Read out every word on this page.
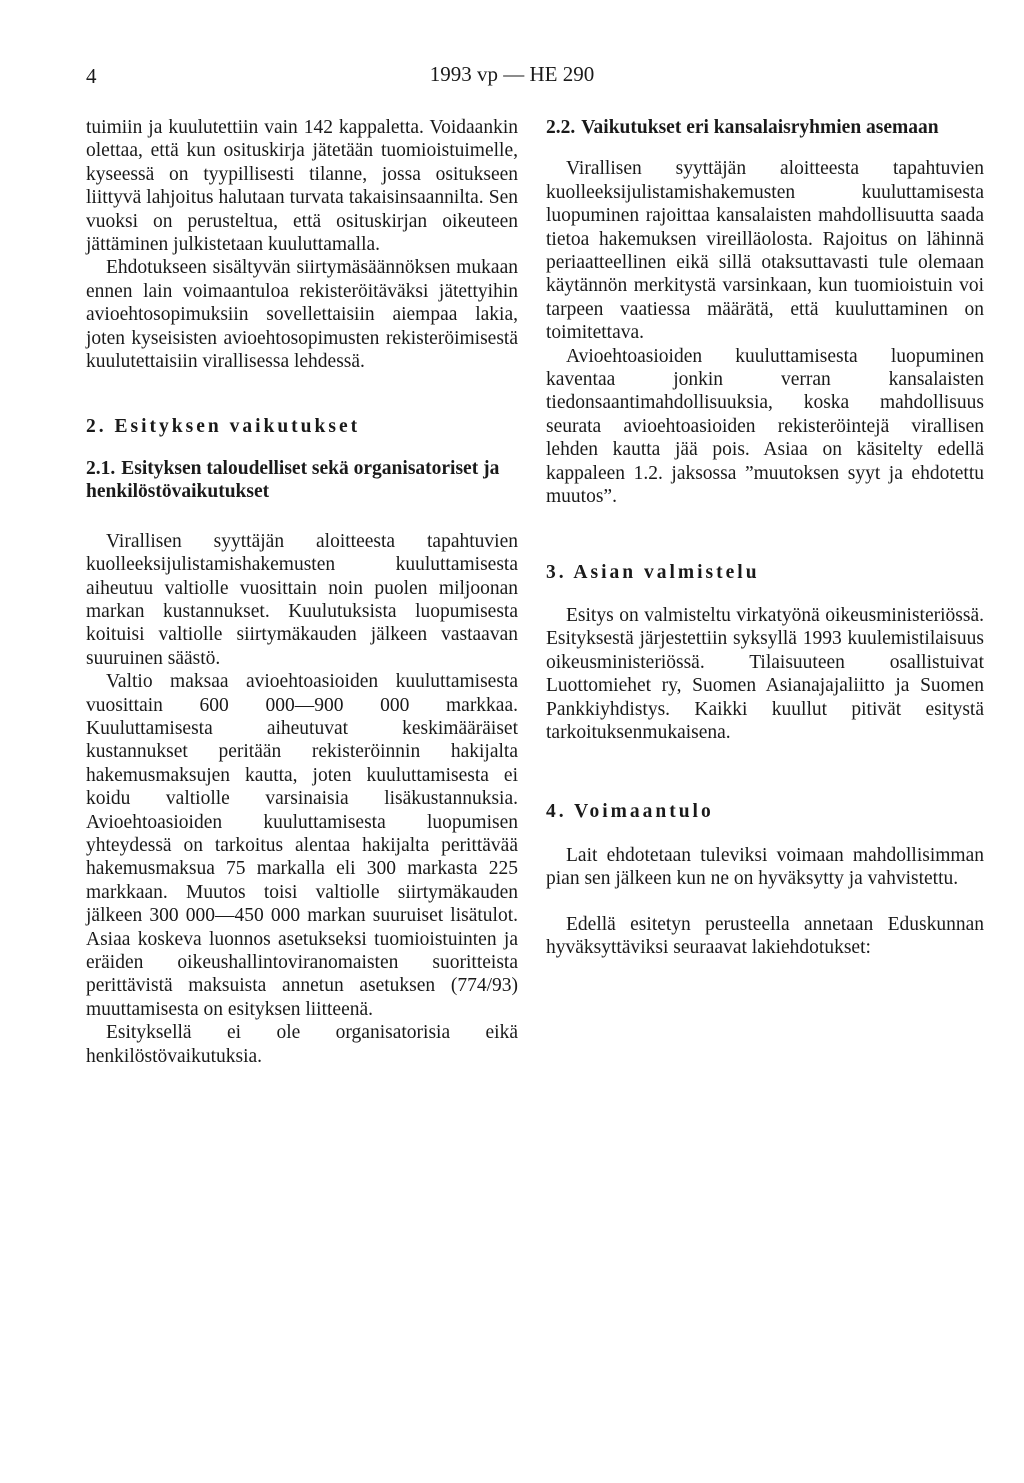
4	1993 vp — HE 290

tuimiin ja kuulutettiin vain 142 kappaletta. Voidaankin olettaa, että kun osituskirja jätetään tuomioistuimelle, kyseessä on tyypillisesti tilanne, jossa ositukseen liittyvä lahjoitus halutaan turvata takaisinsaannilta. Sen vuoksi on perusteltua, että osituskirjan oikeuteen jättäminen julkistetaan kuuluttamalla.

Ehdotukseen sisältyvän siirtymäsäännöksen mukaan ennen lain voimaantuloa rekisteröitäväksi jätettyihin avioehtosopimuksiin sovellettaisiin aiempaa lakia, joten kyseisisten avioehtosopimusten rekisteröimisestä kuulutettaisiin virallisessa lehdessä.

2. Esityksen vaikutukset

2.1. Esityksen taloudelliset sekä organisatoriset ja henkilöstövaikutukset

Virallisen syyttäjän aloitteesta tapahtuvien kuolleeksijulistamishakemusten kuuluttamisesta aiheutuu valtiolle vuosittain noin puolen miljoonan markan kustannukset. Kuulutuksista luopumisesta koituisi valtiolle siirtymäkauden jälkeen vastaavan suuruinen säästö.

Valtio maksaa avioehtoasioiden kuuluttamisesta vuosittain 600 000—900 000 markkaa. Kuuluttamisesta aiheutuvat keskimääräiset kustannukset peritään rekisteröinnin hakijalta hakemusmaksujen kautta, joten kuuluttamisesta ei koidu valtiolle varsinaisia lisäkustannuksia. Avioehtoasioiden kuuluttamisesta luopumisen yhteydessä on tarkoitus alentaa hakijalta perittävää hakemusmaksua 75 markalla eli 300 markasta 225 markkaan. Muutos toisi valtiolle siirtymäkauden jälkeen 300 000—450 000 markan suuruiset lisätulot. Asiaa koskeva luonnos asetukseksi tuomioistuinten ja eräiden oikeushallintoviranomaisten suoritteista perittävistä maksuista annetun asetuksen (774/93) muuttamisesta on esityksen liitteenä.

Esityksellä ei ole organisatorisia eikä henkilöstövaikutuksia.

2.2. Vaikutukset eri kansalaisryhmien asemaan

Virallisen syyttäjän aloitteesta tapahtuvien kuolleeksijulistamishakemusten kuuluttamisesta luopuminen rajoittaa kansalaisten mahdollisuutta saada tietoa hakemuksen vireilläolosta. Rajoitus on lähinnä periaatteellinen eikä sillä otaksuttavasti tule olemaan käytännön merkitystä varsinkaan, kun tuomioistuin voi tarpeen vaatiessa määrätä, että kuuluttaminen on toimitettava.

Avioehtoasioiden kuuluttamisesta luopuminen kaventaa jonkin verran kansalaisten tiedonsaantimahdollisuuksia, koska mahdollisuus seurata avioehtoasioiden rekisteröintejä virallisen lehden kautta jää pois. Asiaa on käsitelty edellä kappaleen 1.2. jaksossa ”muutoksen syyt ja ehdotettu muutos”.

3. Asian valmistelu

Esitys on valmisteltu virkatyönä oikeusministeriössä. Esityksestä järjestettiin syksyllä 1993 kuulemistilaisuus oikeusministeriössä. Tilaisuuteen osallistuivat Luottomiehet ry, Suomen Asianajajaliitto ja Suomen Pankkiyhdistys. Kaikki kuullut pitivät esitystä tarkoituksenmukaisena.

4. Voimaantulo

Lait ehdotetaan tuleviksi voimaan mahdollisimman pian sen jälkeen kun ne on hyväksytty ja vahvistettu.

Edellä esitetyn perusteella annetaan Eduskunnan hyväksyttäviksi seuraavat lakiehdotukset:
